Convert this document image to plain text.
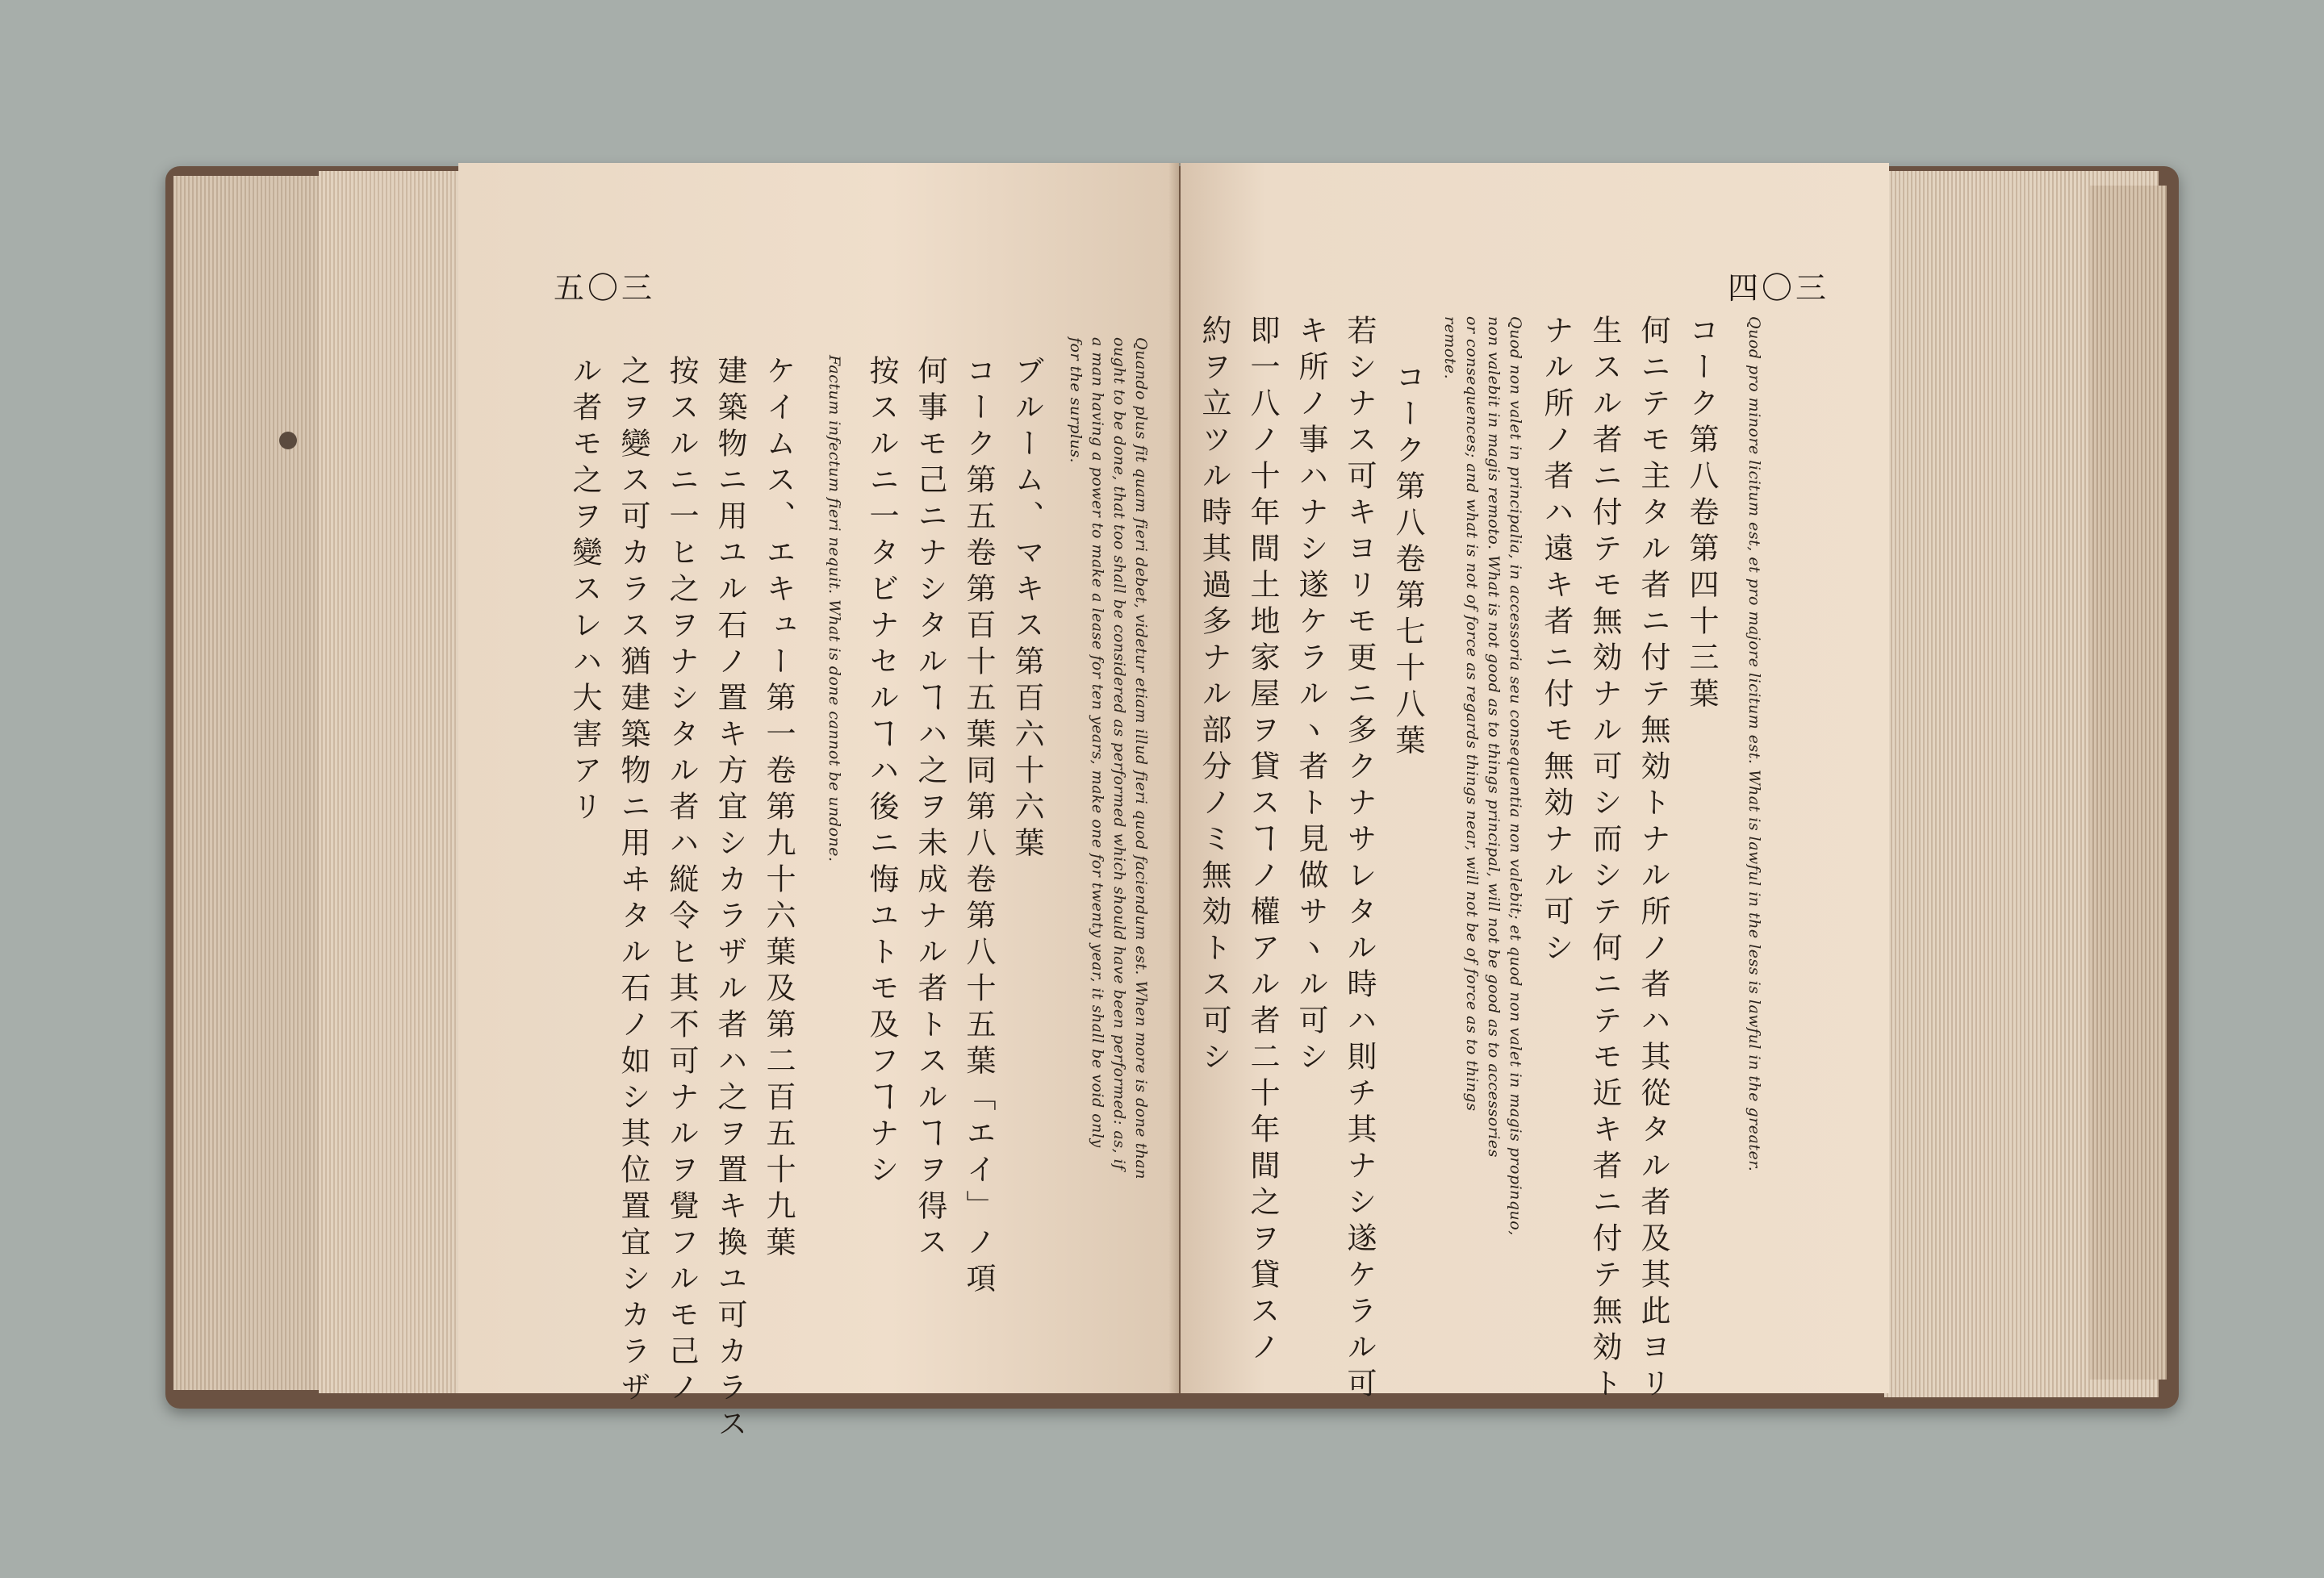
五〇三
Quando plus fit quam fieri debet, videtur etiam illud fieri quod faciendum est. When more is done than
ought to be done, that too shall be considered as performed which should have been performed: as, if
a man having a power to make a lease for ten years, make one for twenty year, it shall be void only
for the surplus.
ブルーム、マキス第百六十六葉
コーク第五卷第百十五葉同第八卷第八十五葉「エイ」ノ項
何事モ己ニナシタルヿハ之ヲ未成ナル者トスルヿヲ得ス
按スルニ一タビナセルヿハ後ニ悔ユトモ及フヿナシ
Factum infectum fieri nequit. What is done cannot be undone.
ケイムス、エキュー第一卷第九十六葉及第二百五十九葉
建築物ニ用ユル石ノ置キ方宜シカラザル者ハ之ヲ置キ換ユ可カラス
按スルニ一ヒ之ヲナシタル者ハ縦令ヒ其不可ナルヲ覺フルモ己ノ
之ヲ變ス可カラス猶建築物ニ用ヰタル石ノ如シ其位置宜シカラザ
ル者モ之ヲ變スレハ大害アリ
四〇三
Quod pro minore licitum est, et pro majore licitum est. What is lawful in the less is lawful in the greater.
コーク第八卷第四十三葉
何ニテモ主タル者ニ付テ無効トナル所ノ者ハ其從タル者及其此ヨリ
生スル者ニ付テモ無効ナル可シ而シテ何ニテモ近キ者ニ付テ無効ト
ナル所ノ者ハ遠キ者ニ付モ無効ナル可シ
Quod non valet in principalia, in accessoria seu consequentia non valebit; et quod non valet in magis propinquo,
non valebit in magis remoto. What is not good as to things principal, will not be good as to accessories
or consequences; and what is not of force as regards things near, will not be of force as to things
remote.
コーク第八卷第七十八葉
若シナス可キヨリモ更ニ多クナサレタル時ハ則チ其ナシ遂ケラル可
キ所ノ事ハナシ遂ケラルヽ者ト見做サヽル可シ
即一八ノ十年間土地家屋ヲ貸スヿノ權アル者二十年間之ヲ貸スノ
約ヲ立ツル時其過多ナル部分ノミ無効トス可シ
